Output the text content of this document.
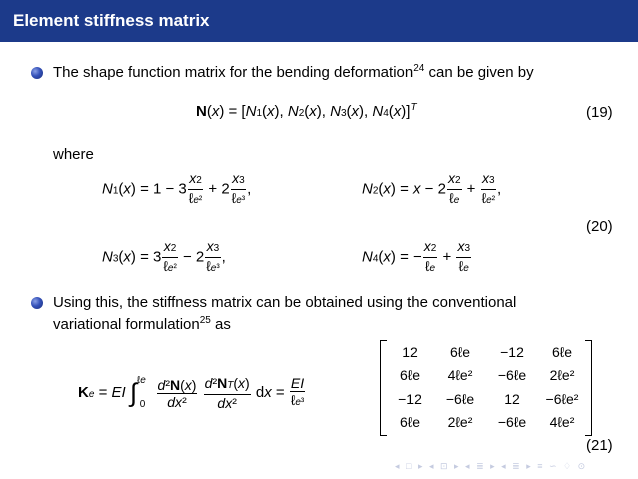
Element stiffness matrix
The shape function matrix for the bending deformation$^{24}$ can be given by
N(x) = [N1(x), N2(x), N3(x), N4(x)]$^T$	(19)
where
N1(x) = 1 − 3
x2
ℓe²
+ 2
x3
ℓe³
,	N2(x) = x − 2
x2
ℓe
+
x3
ℓe²
,
(20)
N3(x) = 3
x2
ℓe²
− 2
x3
ℓe³
,	N4(x) = −
x2
ℓe
+
x3
ℓe
Using this, the stiffness matrix can be obtained using the conventional
variational formulation$^{25}$ as
Ke = EI $\int^{\ell e}_0 \frac{\text{d²N(x)}}{\text{dx²}}$
$\frac{\text{d²NT(x)}}{\text{dx²}}$ dx =
EI
ℓe³
12	6ℓe	−12	6ℓe
6ℓe	4ℓe²	−6ℓe	2ℓe²
−12	−6ℓe	12	−6ℓe²
6ℓe	2ℓe²	−6ℓe	4ℓe²
(21)
◂ □ ▸ ◂ ⊡ ▸ ◂ ≣ ▸ ◂ ≣ ▸ ≡ ∽ ♢ ⊙
